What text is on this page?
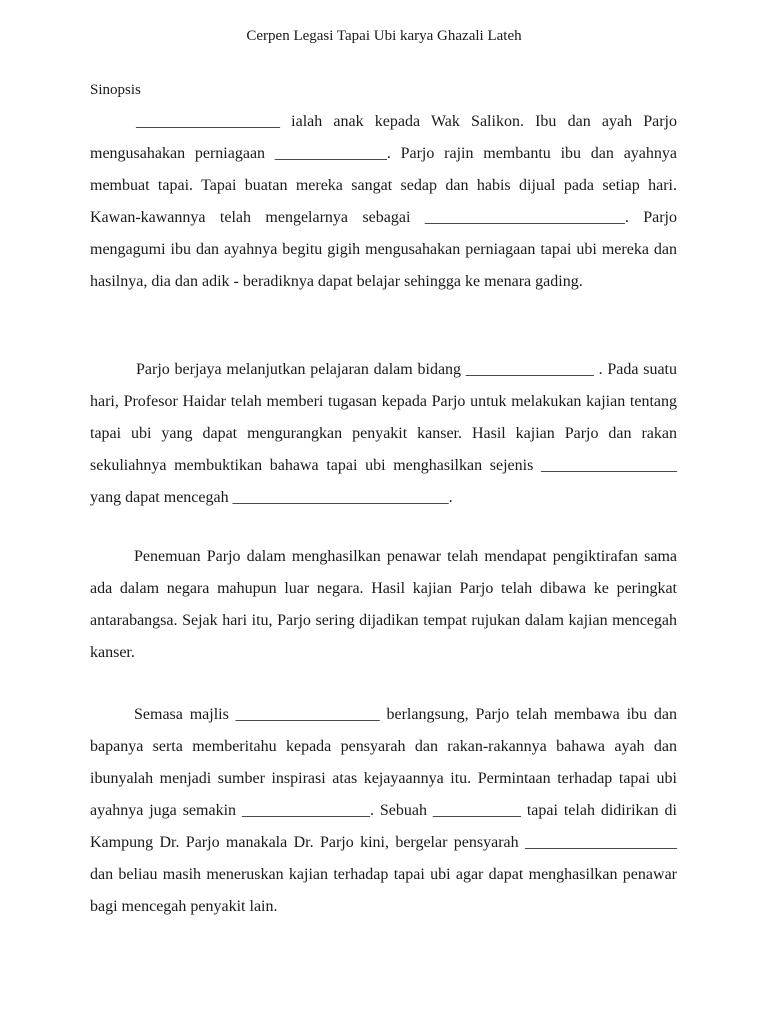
Cerpen Legasi Tapai Ubi karya Ghazali Lateh
Sinopsis

__________________ ialah anak kepada Wak Salikon. Ibu dan ayah Parjo mengusahakan perniagaan ______________. Parjo rajin membantu ibu dan ayahnya membuat tapai. Tapai buatan mereka sangat sedap dan habis dijual pada setiap hari. Kawan-kawannya telah mengelarnya sebagai _________________________. Parjo mengagumi ibu dan ayahnya begitu gigih mengusahakan perniagaan tapai ubi mereka dan hasilnya, dia dan adik - beradiknya dapat belajar sehingga ke menara gading.

Parjo berjaya melanjutkan pelajaran dalam bidang ________________ . Pada suatu hari, Profesor Haidar telah memberi tugasan kepada Parjo untuk melakukan kajian tentang tapai ubi yang dapat mengurangkan penyakit kanser. Hasil kajian Parjo dan rakan sekuliahnya membuktikan bahawa tapai ubi menghasilkan sejenis _________________ yang dapat mencegah ___________________________.

Penemuan Parjo dalam menghasilkan penawar telah mendapat pengiktirafan sama ada dalam negara mahupun luar negara. Hasil kajian Parjo telah dibawa ke peringkat antarabangsa. Sejak hari itu, Parjo sering dijadikan tempat rujukan dalam kajian mencegah kanser.

Semasa majlis __________________ berlangsung, Parjo telah membawa ibu dan bapanya serta memberitahu kepada pensyarah dan rakan-rakannya bahawa ayah dan ibunyalah menjadi sumber inspirasi atas kejayaannya itu. Permintaan terhadap tapai ubi ayahnya juga semakin ________________. Sebuah ___________ tapai telah didirikan di Kampung Dr. Parjo manakala Dr. Parjo kini, bergelar pensyarah ___________________ dan beliau masih meneruskan kajian terhadap tapai ubi agar dapat menghasilkan penawar bagi mencegah penyakit lain.
